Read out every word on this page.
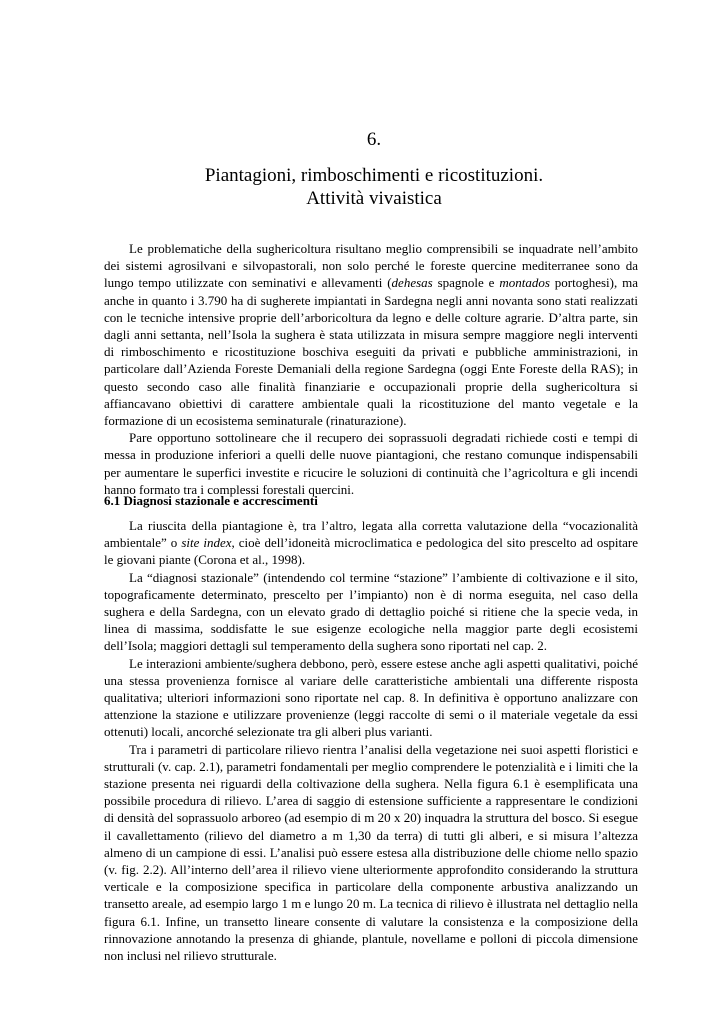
6.
Piantagioni, rimboschimenti e ricostituzioni.
Attività vivaistica

Le problematiche della sughericoltura risultano meglio comprensibili se inquadrate nell’ambito dei sistemi agrosilvani e silvopastorali, non solo perché le foreste quercine mediterranee sono da lungo tempo utilizzate con seminativi e allevamenti (dehesas spagnole e montados portoghesi), ma anche in quanto i 3.790 ha di sugherete impiantati in Sardegna negli anni novanta sono stati realizzati con le tecniche intensive proprie dell’arboricoltura da legno e delle colture agrarie. D’altra parte, sin dagli anni settanta, nell’Isola la sughera è stata utilizzata in misura sempre maggiore negli interventi di rimboschimento e ricostituzione boschiva eseguiti da privati e pubbliche amministrazioni, in particolare dall’Azienda Foreste Demaniali della regione Sardegna (oggi Ente Foreste della RAS); in questo secondo caso alle finalità finanziarie e occupazionali proprie della sughericoltura si affiancavano obiettivi di carattere ambientale quali la ricostituzione del manto vegetale e la formazione di un ecosistema seminaturale (rinaturazione).

Pare opportuno sottolineare che il recupero dei soprassuoli degradati richiede costi e tempi di messa in produzione inferiori a quelli delle nuove piantagioni, che restano comunque indispensabili per aumentare le superfici investite e ricucire le soluzioni di continuità che l’agricoltura e gli incendi hanno formato tra i complessi forestali quercini.

6.1 Diagnosi stazionale e accrescimenti

La riuscita della piantagione è, tra l’altro, legata alla corretta valutazione della “vocazionalità ambientale” o site index, cioè dell’idoneità microclimatica e pedologica del sito prescelto ad ospitare le giovani piante (Corona et al., 1998).

La “diagnosi stazionale” (intendendo col termine “stazione” l’ambiente di coltivazione e il sito, topograficamente determinato, prescelto per l’impianto) non è di norma eseguita, nel caso della sughera e della Sardegna, con un elevato grado di dettaglio poiché si ritiene che la specie veda, in linea di massima, soddisfatte le sue esigenze ecologiche nella maggior parte degli ecosistemi dell’Isola; maggiori dettagli sul temperamento della sughera sono riportati nel cap. 2.

Le interazioni ambiente/sughera debbono, però, essere estese anche agli aspetti qualitativi, poiché una stessa provenienza fornisce al variare delle caratteristiche ambientali una differente risposta qualitativa; ulteriori informazioni sono riportate nel cap. 8. In definitiva è opportuno analizzare con attenzione la stazione e utilizzare provenienze (leggi raccolte di semi o il materiale vegetale da essi ottenuti) locali, ancorché selezionate tra gli alberi plus varianti.

Tra i parametri di particolare rilievo rientra l’analisi della vegetazione nei suoi aspetti floristici e strutturali (v. cap. 2.1), parametri fondamentali per meglio comprendere le potenzialità e i limiti che la stazione presenta nei riguardi della coltivazione della sughera. Nella figura 6.1 è esemplificata una possibile procedura di rilievo. L’area di saggio di estensione sufficiente a rappresentare le condizioni di densità del soprassuolo arboreo (ad esempio di m 20 x 20) inquadra la struttura del bosco. Si esegue il cavallettamento (rilievo del diametro a m 1,30 da terra) di tutti gli alberi, e si misura l’altezza almeno di un campione di essi. L’analisi può essere estesa alla distribuzione delle chiome nello spazio (v. fig. 2.2). All’interno dell’area il rilievo viene ulteriormente approfondito considerando la struttura verticale e la composizione specifica in particolare della componente arbustiva analizzando un transetto areale, ad esempio largo 1 m e lungo 20 m. La tecnica di rilievo è illustrata nel dettaglio nella figura 6.1. Infine, un transetto lineare consente di valutare la consistenza e la composizione della rinnovazione annotando la presenza di ghiande, plantule, novellame e polloni di piccola dimensione non inclusi nel rilievo strutturale.
